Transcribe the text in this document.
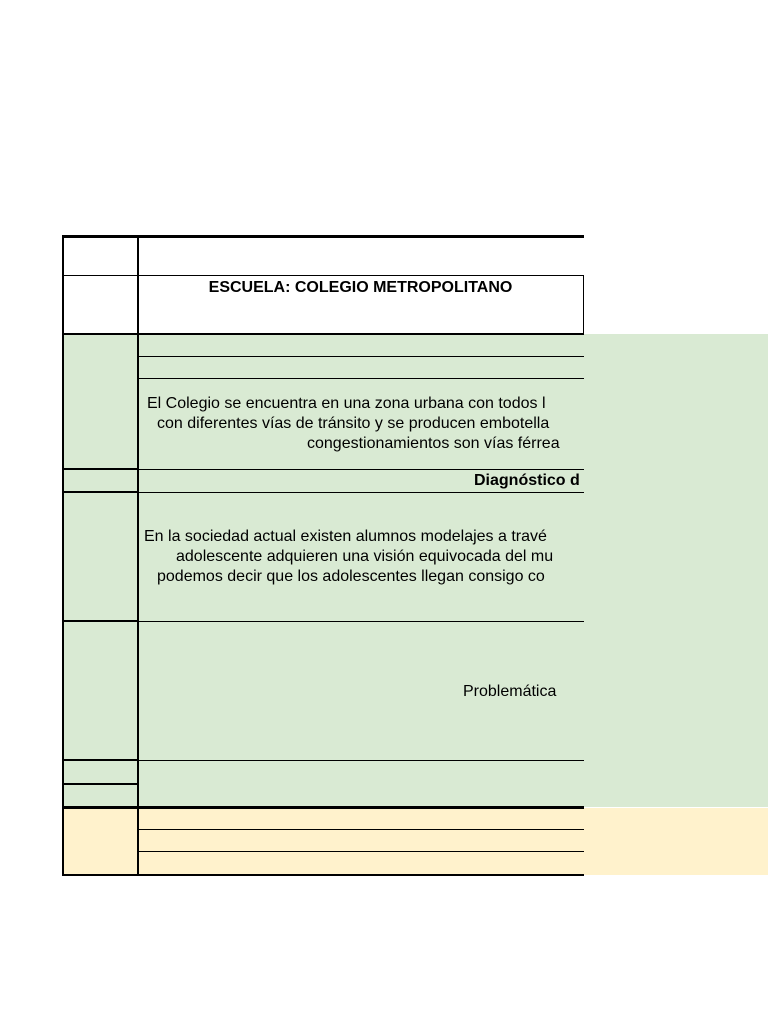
ESCUELA: COLEGIO METROPOLITANO
El Colegio se encuentra en una zona urbana con todos l
con diferentes vías de tránsito y se producen embotella
congestionamientos son vías férrea
Diagnóstico d
En la sociedad actual existen alumnos modelajes a travé
adolescente adquieren una visión equivocada del mu
podemos decir que los adolescentes llegan consigo co
Problemática
